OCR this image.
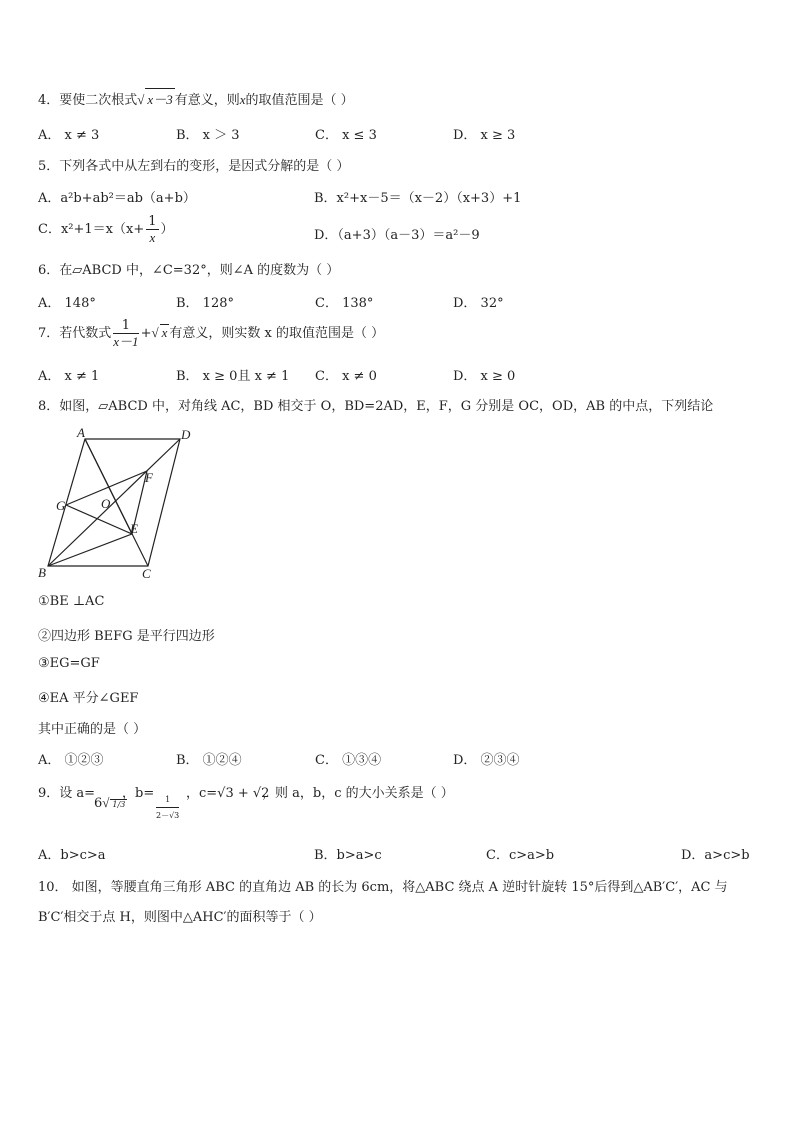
4．要使二次根式√ x－3 有意义，则x的取值范围是（ ）
A． x ≠ 3	B． x ＞ 3	C． x ≤ 3	D． x ≥ 3
5．下列各式中从左到右的变形，是因式分解的是（ ）
A．a²b+ab²＝ab（a+b）	B．x²+x－5＝（x－2）（x+3）+1
C．$x^2+1=x(x+ \frac{1}{x}$ ）	D．（a+3）（a－3）＝a²－9
6．在▱ABCD 中，∠C=32°，则∠A 的度数为（ ）
A． 148°	B． 128°	C． 138°	D． 32°
7．若代数式 $\frac{1}{x-1}$ +√ x 有意义，则实数 x 的取值范围是（ ）
A． x ≠ 1	B． x ≥ 0且 x ≠ 1 C． x ≠ 0	D． x ≥ 0
8．如图，▱ABCD 中，对角线 AC，BD 相交于 O，BD=2AD，E，F，G 分别是 OC，OD，AB 的中点，下列结论
A	D
B	C
E
F
G	O
①BE ⊥AC
②四边形 BEFG 是平行四边形
③EG=GF
④EA 平分∠GEF
其中正确的是（ ）
A． ①②③	B． ①②④	C． ①③④	D． ②③④
9．设 a=
6√ 1/3
，$b= \frac{1}{2-√3}$ ，c=√3 + √2
，则 a，b，c 的大小关系是（ ）
A．b>c>a	B．b>a>c	C．c>a>b	D．a>c>b
10． 如图，等腰直角三角形 ABC 的直角边 AB 的长为 6cm，将△ABC 绕点 A 逆时针旋转 15°后得到△AB′C′，AC 与
B′C′相交于点 H，则图中△AHC′的面积等于（ ）
